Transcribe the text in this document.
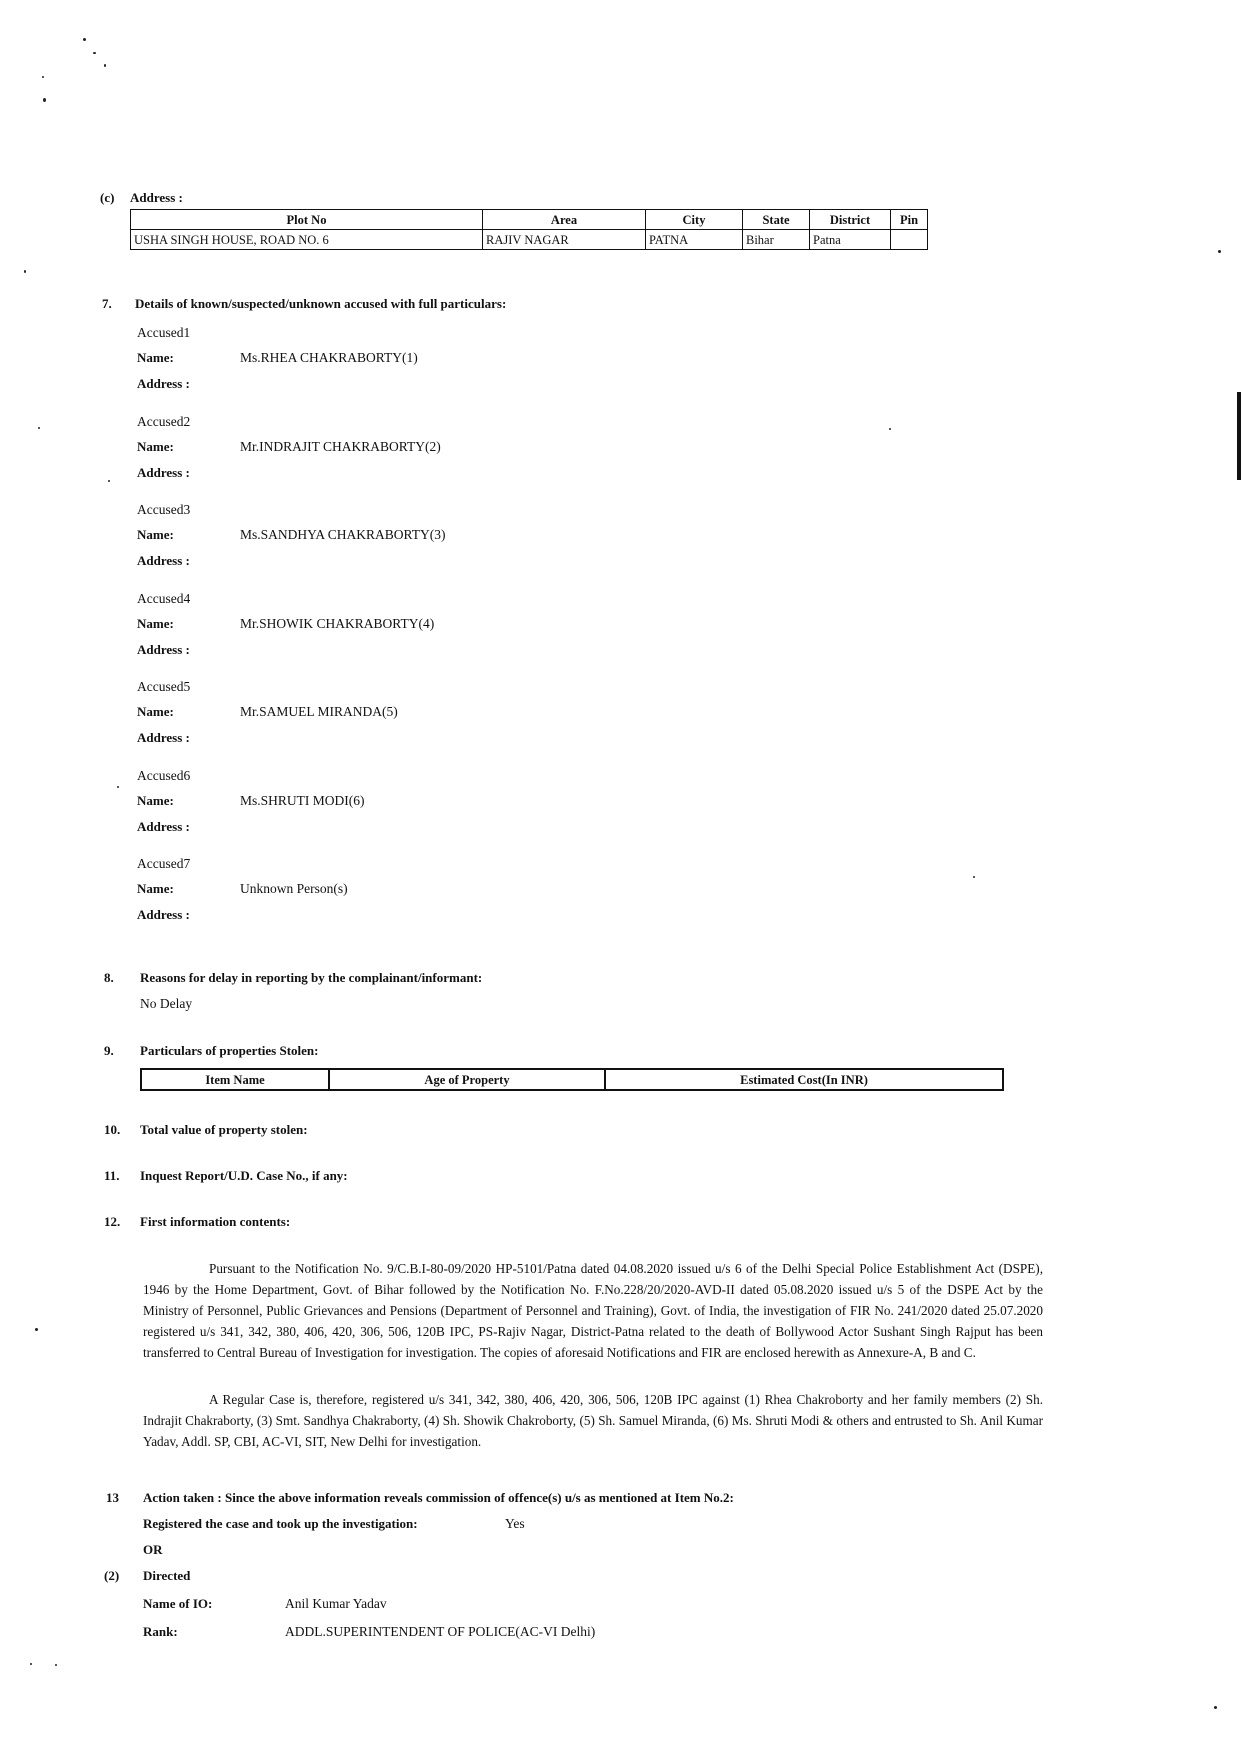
(c) Address :
Plot No	Area	City	State	District	Pin
USHA SINGH HOUSE, ROAD NO. 6	RAJIV NAGAR	PATNA	Bihar	Patna	
7. Details of known/suspected/unknown accused with full particulars:
Accused1
Name:	Ms.RHEA CHAKRABORTY(1)
Address :
Accused2
Name:	Mr.INDRAJIT CHAKRABORTY(2)
Address :
Accused3
Name:	Ms.SANDHYA CHAKRABORTY(3)
Address :
Accused4
Name:	Mr.SHOWIK CHAKRABORTY(4)
Address :
Accused5
Name:	Mr.SAMUEL MIRANDA(5)
Address :
Accused6
Name:	Ms.SHRUTI MODI(6)
Address :
Accused7
Name:	Unknown Person(s)
Address :
8. Reasons for delay in reporting by the complainant/informant:
No Delay
9. Particulars of properties Stolen:
Item Name	Age of Property	Estimated Cost(In INR)
10. Total value of property stolen:
11. Inquest Report/U.D. Case No., if any:
12. First information contents:
Pursuant to the Notification No. 9/C.B.I-80-09/2020 HP-5101/Patna dated 04.08.2020 issued u/s 6 of the Delhi Special Police Establishment Act (DSPE), 1946 by the Home Department, Govt. of Bihar followed by the Notification No. F.No.228/20/2020-AVD-II dated 05.08.2020 issued u/s 5 of the DSPE Act by the Ministry of Personnel, Public Grievances and Pensions (Department of Personnel and Training), Govt. of India, the investigation of FIR No. 241/2020 dated 25.07.2020 registered u/s 341, 342, 380, 406, 420, 306, 506, 120B IPC, PS-Rajiv Nagar, District-Patna related to the death of Bollywood Actor Sushant Singh Rajput has been transferred to Central Bureau of Investigation for investigation. The copies of aforesaid Notifications and FIR are enclosed herewith as Annexure-A, B and C.
A Regular Case is, therefore, registered u/s 341, 342, 380, 406, 420, 306, 506, 120B IPC against (1) Rhea Chakroborty and her family members (2) Sh. Indrajit Chakraborty, (3) Smt. Sandhya Chakraborty, (4) Sh. Showik Chakroborty, (5) Sh. Samuel Miranda, (6) Ms. Shruti Modi & others and entrusted to Sh. Anil Kumar Yadav, Addl. SP, CBI, AC-VI, SIT, New Delhi for investigation.
13 Action taken : Since the above information reveals commission of offence(s) u/s as mentioned at Item No.2:
Registered the case and took up the investigation:	Yes
OR
(2) Directed
Name of IO:	Anil Kumar Yadav
Rank:	ADDL.SUPERINTENDENT OF POLICE(AC-VI Delhi)
